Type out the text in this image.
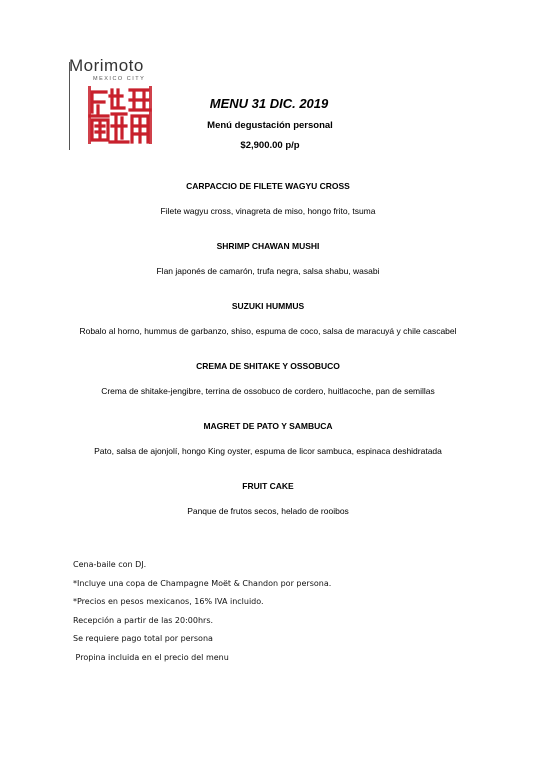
Morimoto
MEXICO CITY
MENU 31 DIC. 2019
Menú degustación personal
$2,900.00 p/p
CARPACCIO DE FILETE WAGYU CROSS
Filete wagyu cross, vinagreta de miso, hongo frito, tsuma
SHRIMP CHAWAN MUSHI
Flan japonés de camarón, trufa negra, salsa shabu, wasabi
SUZUKI HUMMUS
Robalo al horno, hummus de garbanzo, shiso, espuma de coco, salsa de maracuyá y chile cascabel
CREMA DE SHITAKE Y OSSOBUCO
Crema de shitake-jengibre, terrina de ossobuco de cordero, huitlacoche, pan de semillas
MAGRET DE PATO Y SAMBUCA
Pato, salsa de ajonjolí, hongo King oyster, espuma de licor sambuca, espinaca deshidratada
FRUIT CAKE
Panque de frutos secos, helado de rooibos
Cena-baile con DJ.
*Incluye una copa de Champagne Moët & Chandon por persona.
*Precios en pesos mexicanos, 16% IVA incluido.
Recepción a partir de las 20:00hrs.
Se requiere pago total por persona
Propina incluida en el precio del menu
